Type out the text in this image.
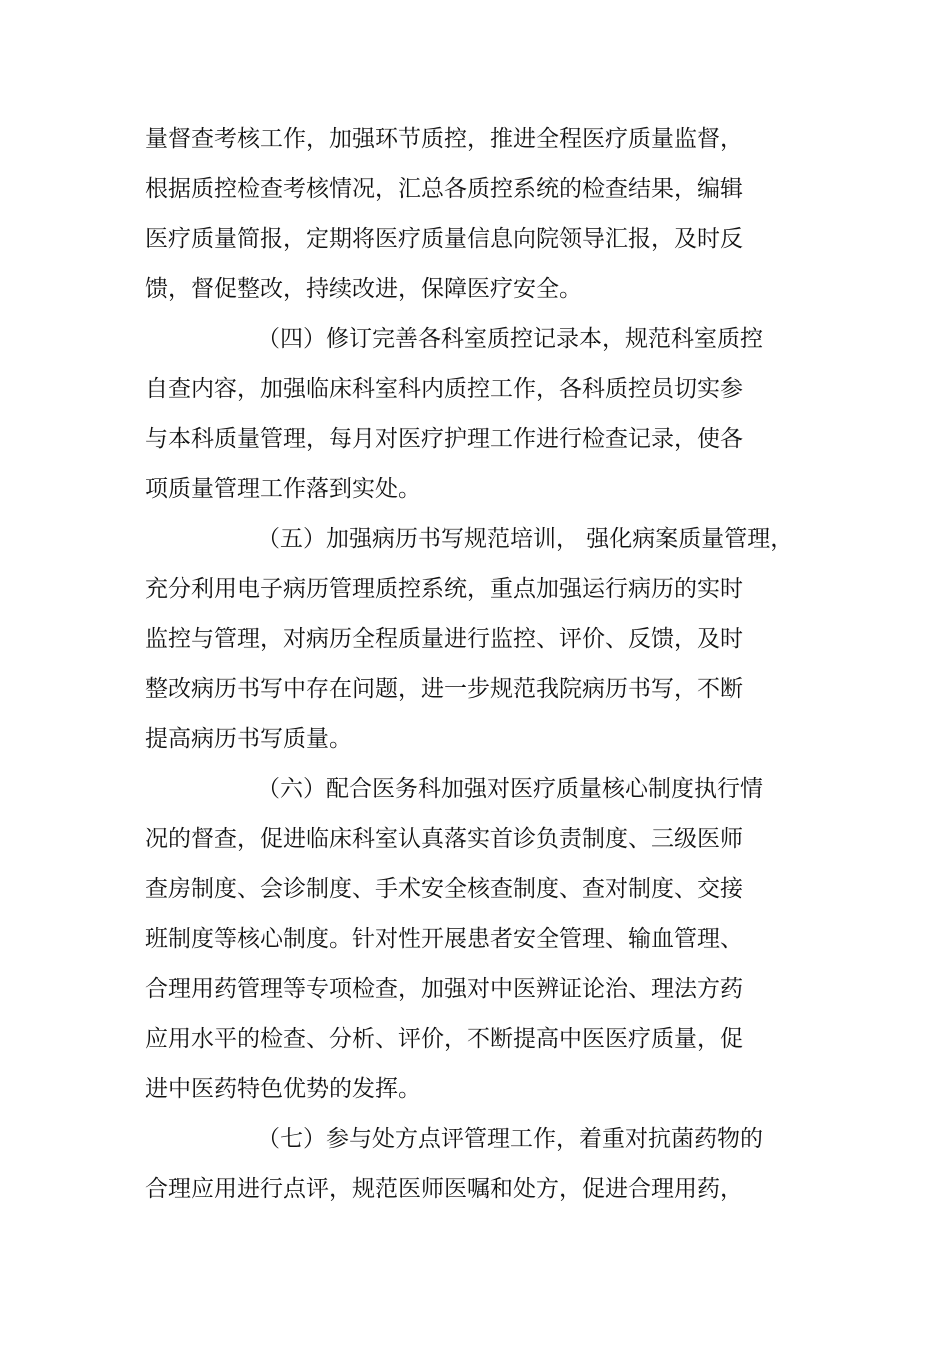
量督查考核工作，加强环节质控，推进全程医疗质量监督，
根据质控检查考核情况，汇总各质控系统的检查结果，编辑
医疗质量简报，定期将医疗质量信息向院领导汇报，及时反
馈，督促整改，持续改进，保障医疗安全。
（四）修订完善各科室质控记录本，规范科室质控
自查内容，加强临床科室科内质控工作，各科质控员切实参
与本科质量管理，每月对医疗护理工作进行检查记录，使各
项质量管理工作落到实处。
（五）加强病历书写规范培训， 强化病案质量管理，
充分利用电子病历管理质控系统，重点加强运行病历的实时
监控与管理，对病历全程质量进行监控、评价、反馈，及时
整改病历书写中存在问题，进一步规范我院病历书写，不断
提高病历书写质量。
（六）配合医务科加强对医疗质量核心制度执行情
况的督查，促进临床科室认真落实首诊负责制度、三级医师
查房制度、会诊制度、手术安全核查制度、查对制度、交接
班制度等核心制度。针对性开展患者安全管理、输血管理、
合理用药管理等专项检查，加强对中医辨证论治、理法方药
应用水平的检查、分析、评价，不断提高中医医疗质量，促
进中医药特色优势的发挥。
（七）参与处方点评管理工作，着重对抗菌药物的
合理应用进行点评，规范医师医嘱和处方，促进合理用药，
